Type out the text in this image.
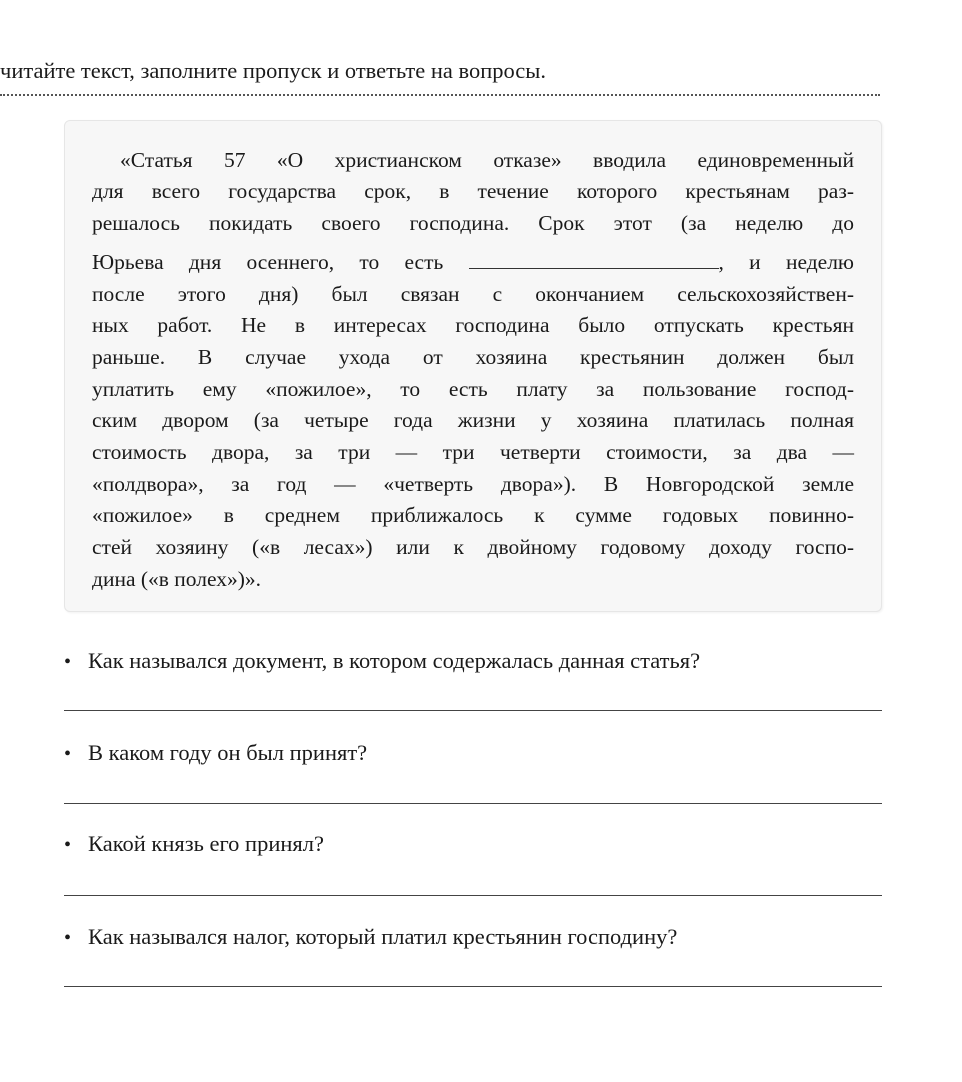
читайте текст, заполните пропуск и ответьте на вопросы.
«Статья 57 «О христианском отказе» вводила единовременный
для всего государства срок, в течение которого крестьянам раз-
решалось покидать своего господина. Срок этот (за неделю до
Юрьева дня осеннего, то есть	, и неделю
после этого дня) был связан с окончанием сельскохозяйствен-
ных работ. Не в интересах господина было отпускать крестьян
раньше. В случае ухода от хозяина крестьянин должен был
уплатить ему «пожилое», то есть плату за пользование господ-
ским двором (за четыре года жизни у хозяина платилась полная
стоимость двора, за три — три четверти стоимости, за два —
«полдвора», за год — «четверть двора»). В Новгородской земле
«пожилое» в среднем приближалось к сумме годовых повинно-
стей хозяину («в лесах») или к двойному годовому доходу госпо-
дина («в полех»)».
• Как назывался документ, в котором содержалась данная статья?
• В каком году он был принят?
• Какой князь его принял?
• Как назывался налог, который платил крестьянин господину?
